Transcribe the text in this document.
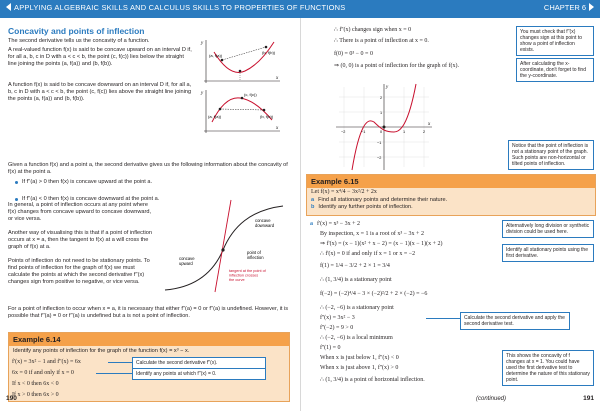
APPLYING ALGEBRAIC SKILLS AND CALCULUS SKILLS TO PROPERTIES OF FUNCTIONS	CHAPTER 6
Concavity and points of inflection
The second derivative tells us the concavity of a function.
A real-valued function f(x) is said to be concave upward on an interval D if, for all a, b, c in D with a < c < b, the point (c, f(c)) lies below the straight line joining the points (a, f(a)) and (b, f(b)).
A function f(x) is said to be concave downward on an interval D if, for all a, b, c in D with a < c < b, the point (c, f(c)) lies above the straight line joining the points (a, f(a)) and (b, f(b)).
y
x
(a, f(a))
(b, f(b))
y
x
(a, f(a))
(c, f(c))
(b, f(b))
Given a function f(x) and a point a, the second derivative gives us the following information about the concavity of f(x) at the point a.
If f''(a) > 0 then f(x) is concave upward at the point a.
If f''(a) < 0 then f(x) is concave downward at the point a.
In general, a point of inflection occurs at any point where f(x) changes from concave upward to concave downward, or vice versa.
Another way of visualising this is that if a point of inflection occurs at x = a, then the tangent to f(x) at a will cross the graph of f(x) at a.
Points of inflection do not need to be stationary points. To find points of inflection for the graph of f(x) we must calculate the points at which the second derivative f''(x) changes sign from positive to negative, or vice versa.
concave upward
concave downward
point of inflection
tangent at the point of inflection crosses the curve
For a point of inflection to occur when x = a, it is necessary that either f''(a) = 0 or f''(a) is undefined. However, it is possible that f''(a) = 0 or f''(a) is undefined but a is not a point of inflection.
Example 6.14
Identify any points of inflection for the graph of the function f(x) = x³ − x.
f'(x) = 3x² − 1 and f''(x) = 6x
6x = 0 if and only if x = 0
If x < 0 then 6x < 0
If x > 0 then 6x > 0
Calculate the second derivative f''(x).
Identify any points at which f''(x) = 0.
190
∴ f''(x) changes sign when x = 0
∴ There is a point of inflection at x = 0.
f(0) = 0³ − 0 = 0
⇒ (0, 0) is a point of inflection for the graph of f(x).
You must check that f''(x) changes sign at this point to show a point of inflection exists.
After calculating the x-coordinate, don't forget to find the y-coordinate.
y
x
−2	−1	0	1	2
2
1
−1
−2
Notice that the point of inflection is not a stationary point of the graph. Such points are non-horizontal or tilted points of inflection.
Example 6.15
Let f(x) = x⁴/4 − 3x²/2 + 2x
a Find all stationary points and determine their nature.
b Identify any further points of inflection.
a f'(x) = x³ − 3x + 2
By inspection, x = 1 is a root of x³ − 3x + 2
⇒ f'(x) = (x − 1)(x² + x − 2) = (x − 1)(x − 1)(x + 2)
∴ f'(x) = 0 if and only if x = 1 or x = −2
f(1) = 1/4 − 3/2 + 2 × 1 = 3/4
∴ (1, 3/4) is a stationary point
f(−2) = (−2)⁴/4 − 3 × (−2)²/2 + 2 × (−2) = −6
∴ (−2, −6) is a stationary point
f''(x) = 3x² − 3
f''(−2) = 9 > 0
∴ (−2, −6) is a local minimum
f''(1) = 0
When x is just below 1, f''(x) < 0
When x is just above 1, f''(x) > 0
∴ (1, 3/4) is a point of horizontal inflection.
Alternatively long division or synthetic division could be used here.
Identify all stationary points using the first derivative.
Calculate the second derivative and apply the second derivative test.
This shows the concavity of f changes at x = 1. You could have used the first derivative test to determine the nature of this stationary point.
(continued)	191
